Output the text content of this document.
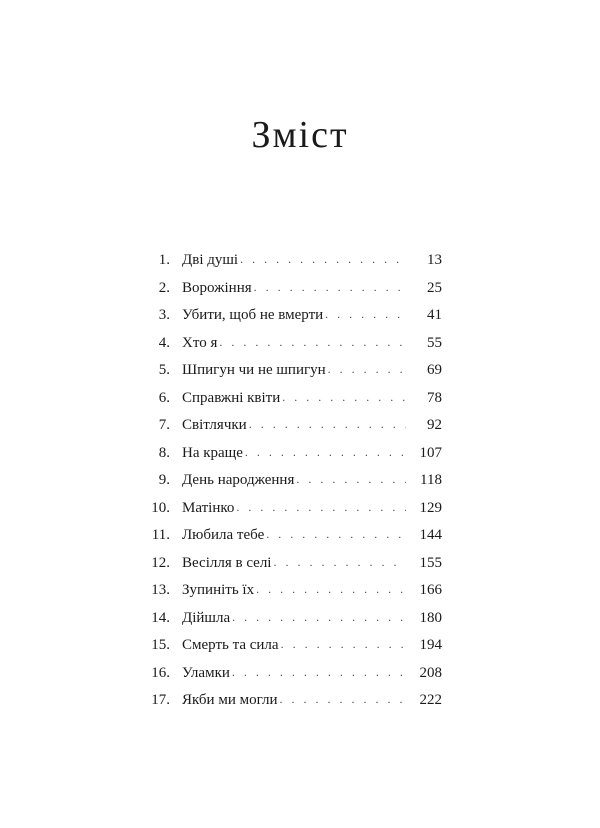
Зміст
1. Дві душі . . .	13
2. Ворожіння . . .	25
3. Убити, щоб не вмерти . . .	41
4. Хто я . . .	55
5. Шпигун чи не шпигун . . .	69
6. Справжні квіти . . .	78
7. Світлячки . . .	92
8. На краще . . .	107
9. День народження . . .	118
10. Матінко . . .	129
11. Любила тебе . . .	144
12. Весілля в селі . . .	155
13. Зупиніть їх . . .	166
14. Дійшла . . .	180
15. Смерть та сила . . .	194
16. Уламки . . .	208
17. Якби ми могли . . .	222
